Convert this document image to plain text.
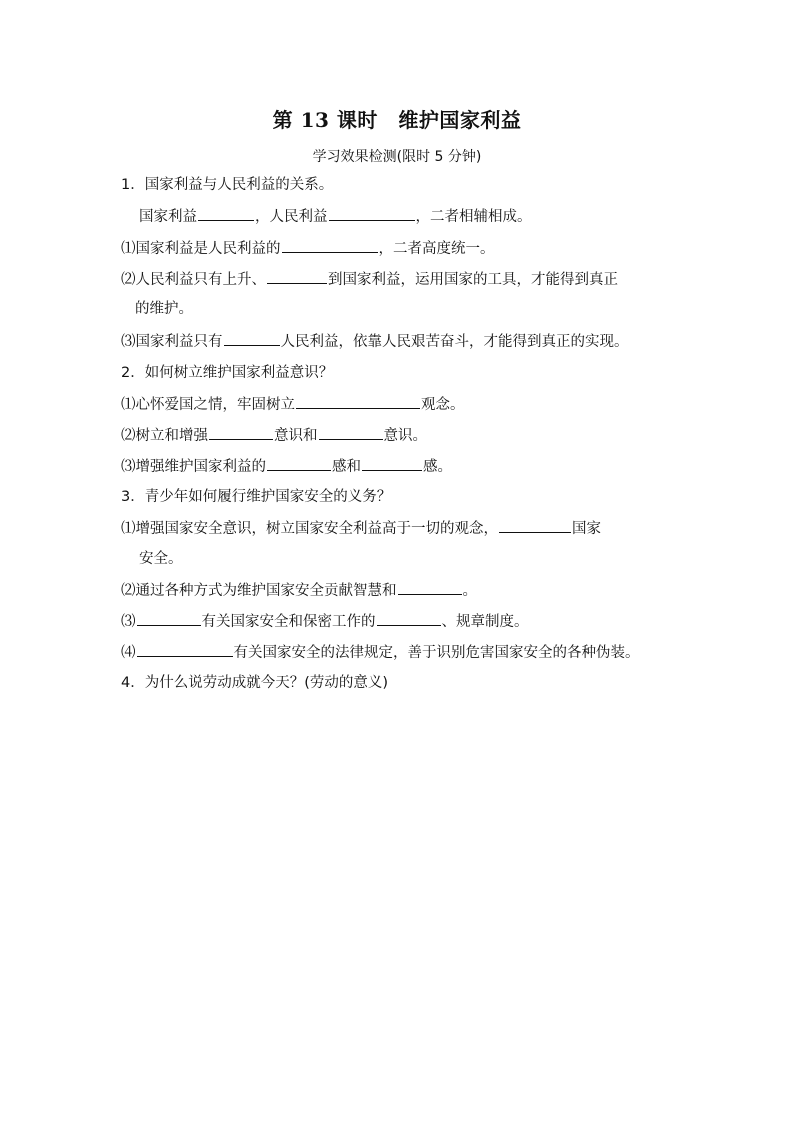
第 13 课时　维护国家利益
学习效果检测(限时 5 分钟)
1．国家利益与人民利益的关系。
国家利益	，人民利益	，二者相辅相成。
⑴国家利益是人民利益的	，二者高度统一。
⑵人民利益只有上升、	到国家利益，运用国家的工具，才能得到真正
的维护。
⑶国家利益只有	人民利益，依靠人民艰苦奋斗，才能得到真正的实现。
2．如何树立维护国家利益意识？
⑴心怀爱国之情，牢固树立	观念。
⑵树立和增强	意识和	意识。
⑶增强维护国家利益的	感和	感。
3．青少年如何履行维护国家安全的义务？
⑴增强国家安全意识，树立国家安全利益高于一切的观念，	国家
安全。
⑵通过各种方式为维护国家安全贡献智慧和	。
⑶	有关国家安全和保密工作的	、规章制度。
⑷	有关国家安全的法律规定，善于识别危害国家安全的各种伪装。
4．为什么说劳动成就今天？(劳动的意义)
